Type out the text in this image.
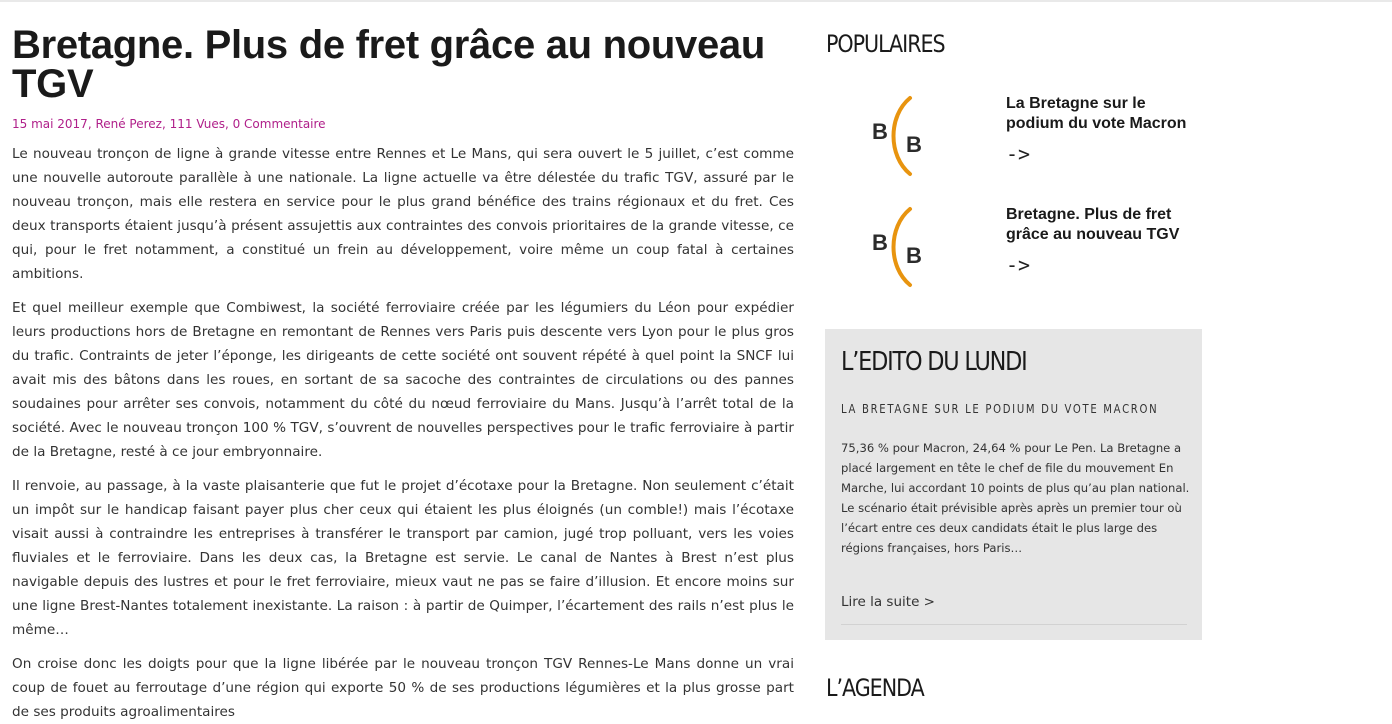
Bretagne. Plus de fret grâce au nouveau TGV
15 mai 2017, René Perez, 111 Vues, 0 Commentaire

Le nouveau tronçon de ligne à grande vitesse entre Rennes et Le Mans, qui sera ouvert le 5 juillet, c’est comme une nouvelle autoroute parallèle à une nationale. La ligne actuelle va être délestée du trafic TGV, assuré par le nouveau tronçon, mais elle restera en service pour le plus grand bénéfice des trains régionaux et du fret. Ces deux transports étaient jusqu’à présent assujettis aux contraintes des convois prioritaires de la grande vitesse, ce qui, pour le fret notamment, a constitué un frein au développement, voire même un coup fatal à certaines ambitions.

Et quel meilleur exemple que Combiwest, la société ferroviaire créée par les légumiers du Léon pour expédier leurs productions hors de Bretagne en remontant de Rennes vers Paris puis descente vers Lyon pour le plus gros du trafic. Contraints de jeter l’éponge, les dirigeants de cette société ont souvent répété à quel point la SNCF lui avait mis des bâtons dans les roues, en sortant de sa sacoche des contraintes de circulations ou des pannes soudaines pour arrêter ses convois, notamment du côté du nœud ferroviaire du Mans. Jusqu’à l’arrêt total de la société. Avec le nouveau tronçon 100 % TGV, s’ouvrent de nouvelles perspectives pour le trafic ferroviaire à partir de la Bretagne, resté à ce jour embryonnaire.

Il renvoie, au passage, à la vaste plaisanterie que fut le projet d’écotaxe pour la Bretagne. Non seulement c’était un impôt sur le handicap faisant payer plus cher ceux qui étaient les plus éloignés (un comble!) mais l’écotaxe visait aussi à contraindre les entreprises à transférer le transport par camion, jugé trop polluant, vers les voies fluviales et le ferroviaire. Dans les deux cas, la Bretagne est servie. Le canal de Nantes à Brest n’est plus navigable depuis des lustres et pour le fret ferroviaire, mieux vaut ne pas se faire d’illusion. Et encore moins sur une ligne Brest-Nantes totalement inexistante. La raison : à partir de Quimper, l’écartement des rails n’est plus le même…

On croise donc les doigts pour que la ligne libérée par le nouveau tronçon TGV Rennes-Le Mans donne un vrai coup de fouet au ferroutage d’une région qui exporte 50 % de ses productions légumières et la plus grosse part de ses produits agroalimentaires

POPULAIRES
B
B
La Bretagne sur le podium du vote Macron
->
B
B
Bretagne. Plus de fret grâce au nouveau TGV
->
L’EDITO DU LUNDI
LA BRETAGNE SUR LE PODIUM DU VOTE MACRON
75,36 % pour Macron, 24,64 % pour Le Pen. La Bretagne a placé largement en tête le chef de file du mouvement En Marche, lui accordant 10 points de plus qu’au plan national. Le scénario était prévisible après après un premier tour où l’écart entre ces deux candidats était le plus large des régions françaises, hors Paris…
Lire la suite >
L’AGENDA
